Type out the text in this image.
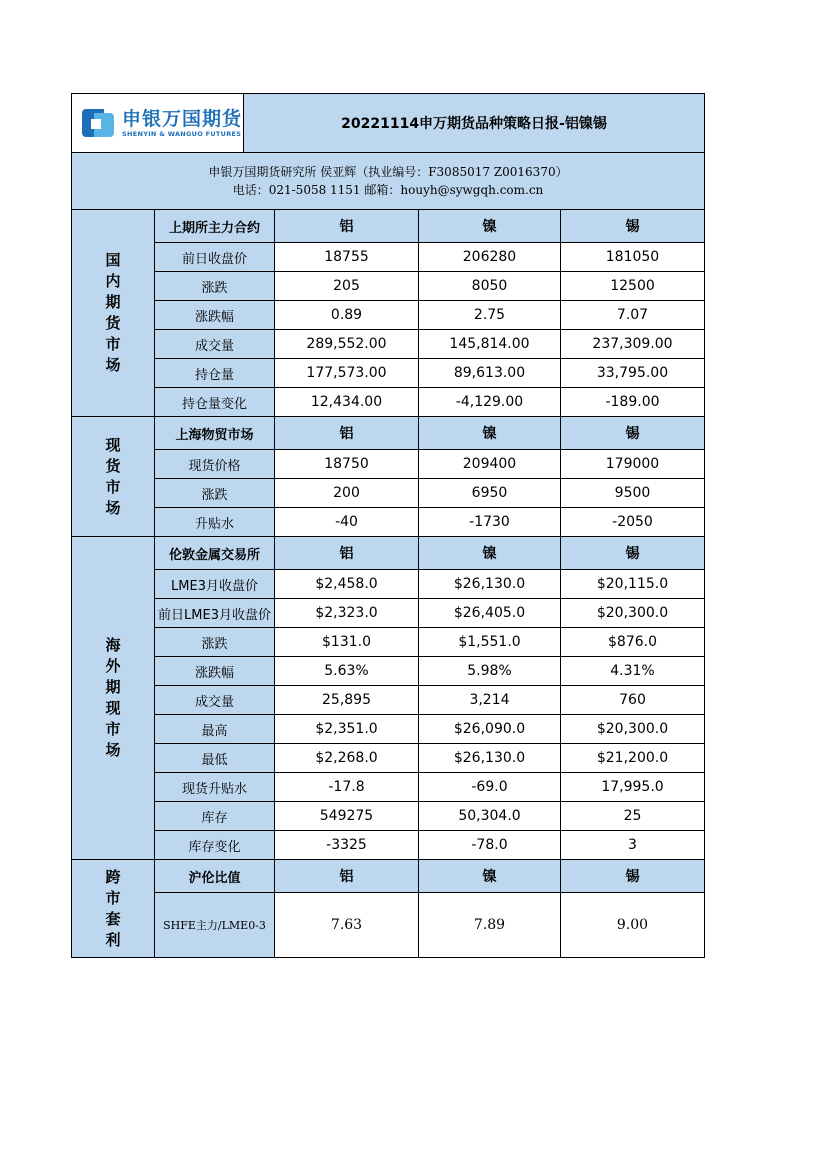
申银万国期货
SHENYIN & WANGUO FUTURES
20221114申万期货品种策略日报-铝镍锡
申银万国期货研究所 侯亚辉（执业编号：F3085017 Z0016370）
电话：021-5058 1151 邮箱：houyh@sywgqh.com.cn
国内期货市场
上期所主力合约	铝	镍	锡
前日收盘价	18755	206280	181050
涨跌	205	8050	12500
涨跌幅	0.89	2.75	7.07
成交量	289,552.00	145,814.00	237,309.00
持仓量	177,573.00	89,613.00	33,795.00
持仓量变化	12,434.00	-4,129.00	-189.00
现货市场
上海物贸市场	铝	镍	锡
现货价格	18750	209400	179000
涨跌	200	6950	9500
升贴水	-40	-1730	-2050
海外期现市场
伦敦金属交易所	铝	镍	锡
LME3月收盘价	$2,458.0	$26,130.0	$20,115.0
前日LME3月收盘价	$2,323.0	$26,405.0	$20,300.0
涨跌	$131.0	$1,551.0	$876.0
涨跌幅	5.63%	5.98%	4.31%
成交量	25,895	3,214	760
最高	$2,351.0	$26,090.0	$20,300.0
最低	$2,268.0	$26,130.0	$21,200.0
现货升贴水	-17.8	-69.0	17,995.0
库存	549275	50,304.0	25
库存变化	-3325	-78.0	3
跨市套利
沪伦比值	铝	镍	锡
SHFE主力/LME0-3	7.63	7.89	9.00
